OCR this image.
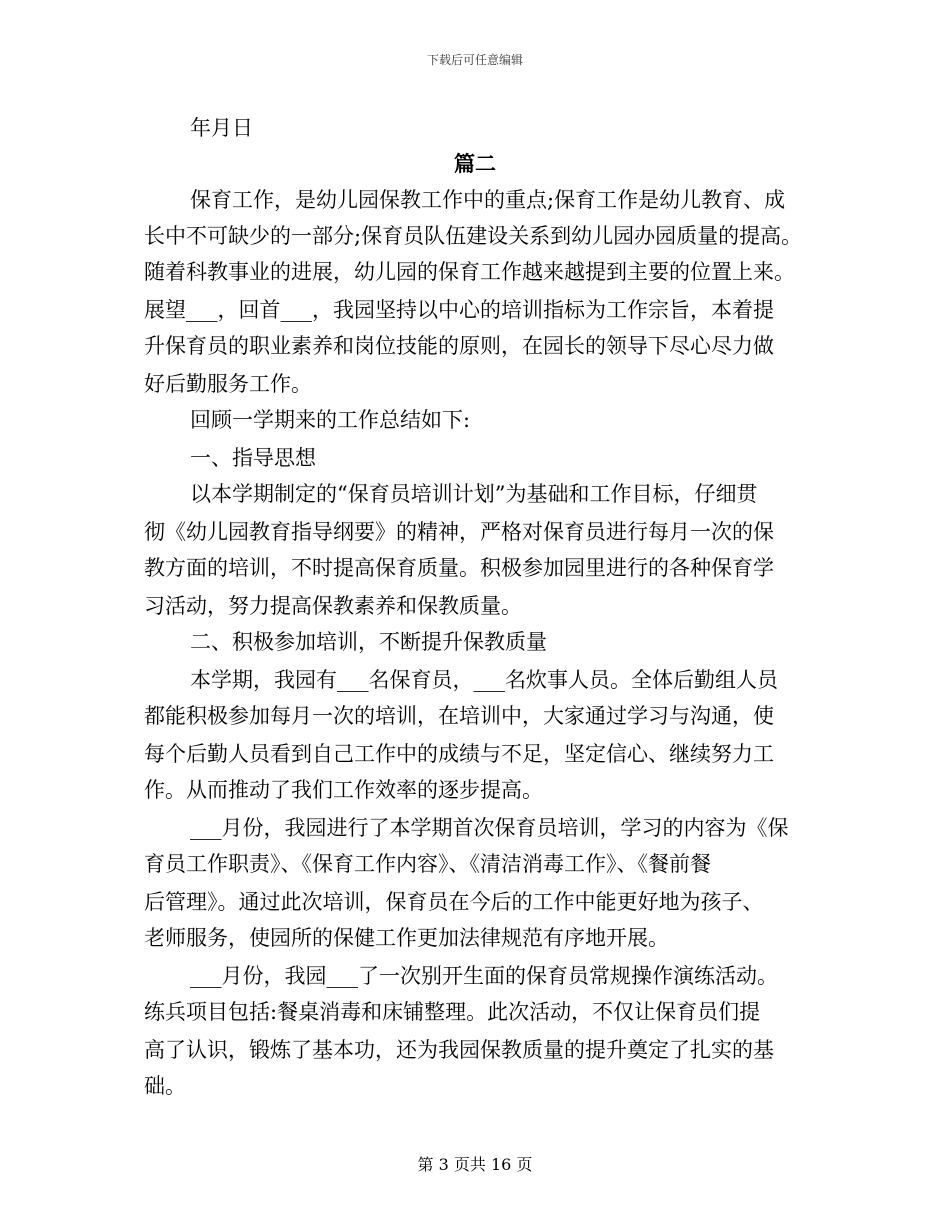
下载后可任意编辑
年月日
篇二
保育工作，是幼儿园保教工作中的重点;保育工作是幼儿教育、成
长中不可缺少的一部分;保育员队伍建设关系到幼儿园办园质量的提高。
随着科教事业的进展，幼儿园的保育工作越来越提到主要的位置上来。
展望___，回首___，我园坚持以中心的培训指标为工作宗旨，本着提
升保育员的职业素养和岗位技能的原则，在园长的领导下尽心尽力做
好后勤服务工作。
回顾一学期来的工作总结如下:
一、指导思想
以本学期制定的“保育员培训计划”为基础和工作目标，仔细贯
彻《幼儿园教育指导纲要》的精神，严格对保育员进行每月一次的保
教方面的培训，不时提高保育质量。积极参加园里进行的各种保育学
习活动，努力提高保教素养和保教质量。
二、积极参加培训，不断提升保教质量
本学期，我园有___名保育员，___名炊事人员。全体后勤组人员
都能积极参加每月一次的培训，在培训中，大家通过学习与沟通，使
每个后勤人员看到自己工作中的成绩与不足，坚定信心、继续努力工
作。从而推动了我们工作效率的逐步提高。
___月份，我园进行了本学期首次保育员培训，学习的内容为《保
育员工作职责》、《保育工作内容》、《清洁消毒工作》、《餐前餐
后管理》。通过此次培训，保育员在今后的工作中能更好地为孩子、
老师服务，使园所的保健工作更加法律规范有序地开展。
___月份，我园___了一次别开生面的保育员常规操作演练活动。
练兵项目包括:餐桌消毒和床铺整理。此次活动，不仅让保育员们提
高了认识，锻炼了基本功，还为我园保教质量的提升奠定了扎实的基
础。
第 3 页共 16 页
